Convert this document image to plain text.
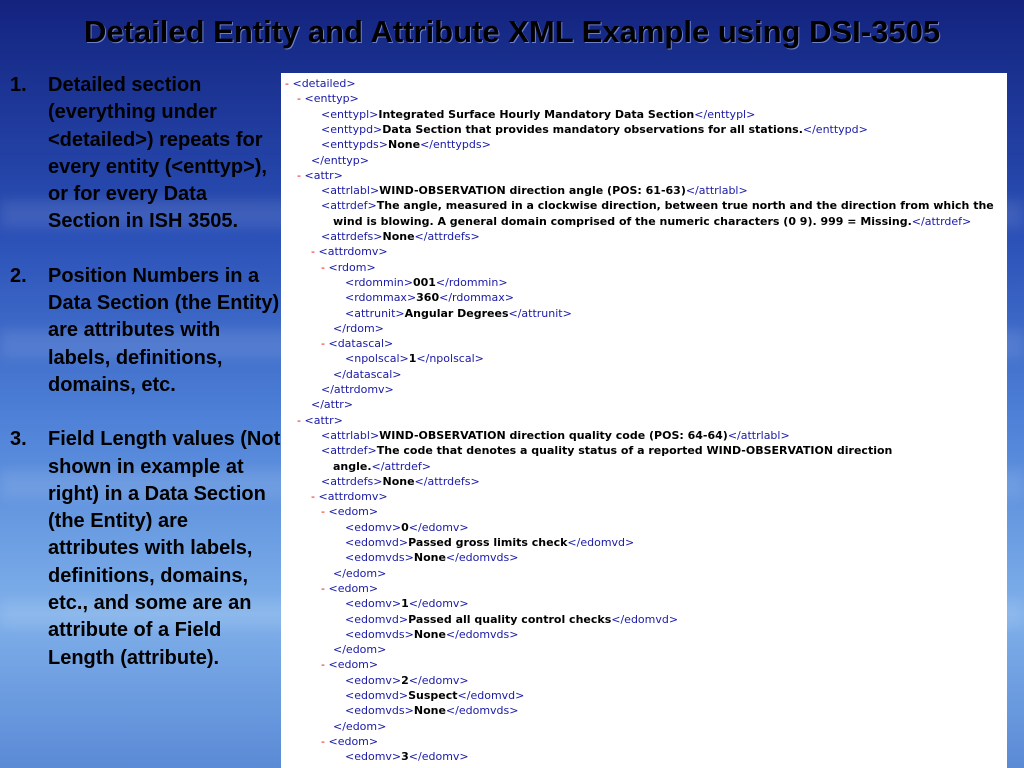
Detailed Entity and Attribute XML Example using DSI-3505
1.	Detailed section (everything under <detailed>) repeats for every entity (<enttyp>), or for every Data Section in ISH 3505.
2.	Position Numbers in a Data Section (the Entity) are attributes with labels, definitions, domains, etc.
3.	Field Length values (Not shown in example at right) in a Data Section (the Entity) are attributes with labels, definitions, domains, etc., and some are an attribute of a Field Length (attribute).
- <detailed>
- <enttyp>
<enttypl>Integrated Surface Hourly Mandatory Data Section</enttypl>
<enttypd>Data Section that provides mandatory observations for all stations.</enttypd>
<enttypds>None</enttypds>
</enttyp>
- <attr>
<attrlabl>WIND-OBSERVATION direction angle (POS: 61-63)</attrlabl>
<attrdef>The angle, measured in a clockwise direction, between true north and the direction from which the
wind is blowing. A general domain comprised of the numeric characters (0 9). 999 = Missing.</attrdef>
<attrdefs>None</attrdefs>
- <attrdomv>
- <rdom>
<rdommin>001</rdommin>
<rdommax>360</rdommax>
<attrunit>Angular Degrees</attrunit>
</rdom>
- <datascal>
<npolscal>1</npolscal>
</datascal>
</attrdomv>
</attr>
- <attr>
<attrlabl>WIND-OBSERVATION direction quality code (POS: 64-64)</attrlabl>
<attrdef>The code that denotes a quality status of a reported WIND-OBSERVATION direction
angle.</attrdef>
<attrdefs>None</attrdefs>
- <attrdomv>
- <edom>
<edomv>0</edomv>
<edomvd>Passed gross limits check</edomvd>
<edomvds>None</edomvds>
</edom>
- <edom>
<edomv>1</edomv>
<edomvd>Passed all quality control checks</edomvd>
<edomvds>None</edomvds>
</edom>
- <edom>
<edomv>2</edomv>
<edomvd>Suspect</edomvd>
<edomvds>None</edomvds>
</edom>
- <edom>
<edomv>3</edomv>
